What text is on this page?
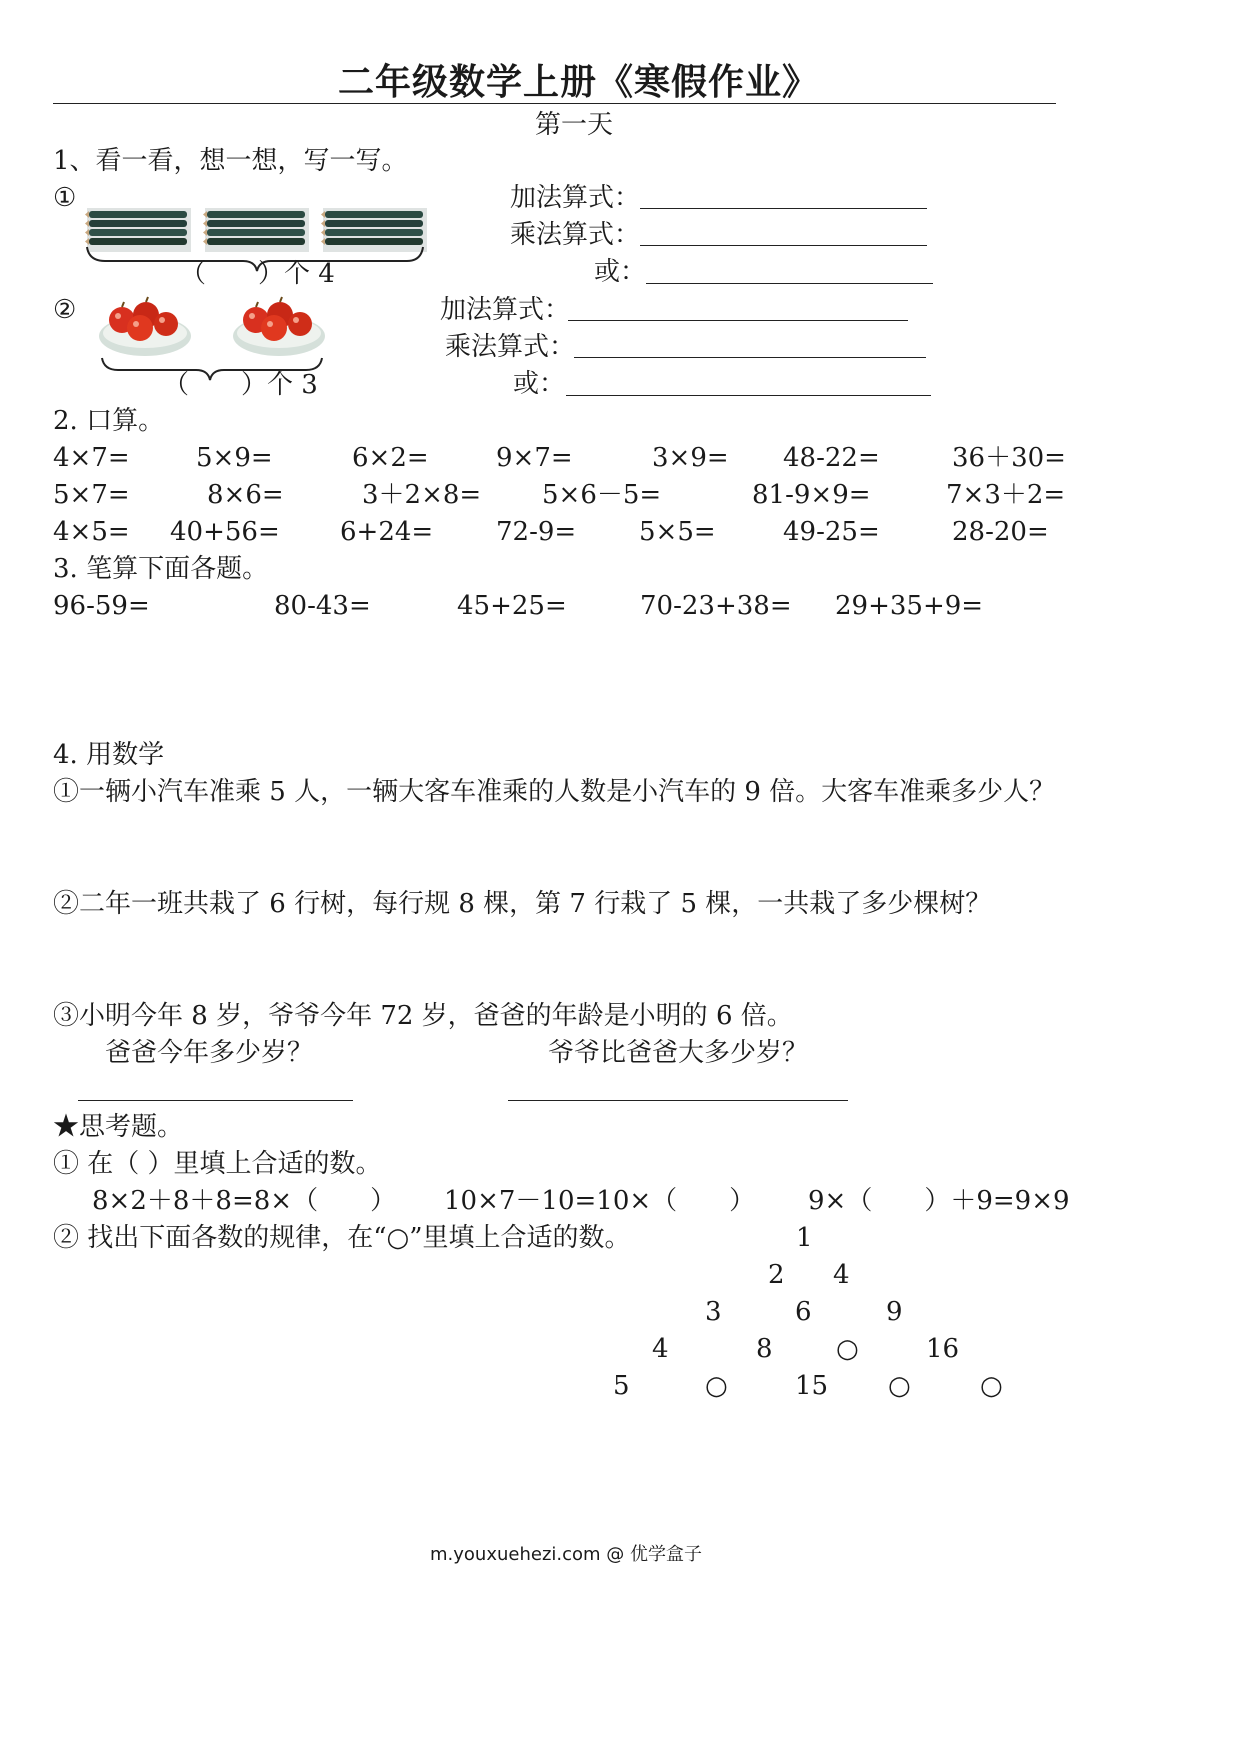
二年级数学上册《寒假作业》
第一天
1、看一看，想一想，写一写。
①
（　　）个 4
加法算式：
乘法算式：
或：
②
（　　）个 3
加法算式：
乘法算式：
或：
2. 口算。
4×7=	5×9=	6×2=	9×7=	3×9= 48-22=	36＋30=
5×7=	8×6=	3＋2×8= 5×6－5=	81-9×9=	7×3＋2=
4×5= 40+56= 6+24= 72-9= 5×5=	49-25=	28-20=
3. 笔算下面各题。
96-59=	80-43=	45+25=	70-23+38= 29+35+9=
4. 用数学
①一辆小汽车准乘 5 人，一辆大客车准乘的人数是小汽车的 9 倍。大客车准乘多少人？
②二年一班共栽了 6 行树，每行规 8 棵，第 7 行栽了 5 棵，一共栽了多少棵树？
③小明今年 8 岁，爷爷今年 72 岁，爸爸的年龄是小明的 6 倍。
爸爸今年多少岁？	爷爷比爸爸大多少岁？
★思考题。
① 在（ ）里填上合适的数。
8×2＋8＋8=8×（　　） 10×7－10=10×（　　） 9×（　　）＋9=9×9
② 找出下面各数的规律，在“○”里填上合适的数。	1
2 4
3	6	9
4	8 ○	16
5	○	15 ○	○
m.youxuehezi.com @ 优学盒子
